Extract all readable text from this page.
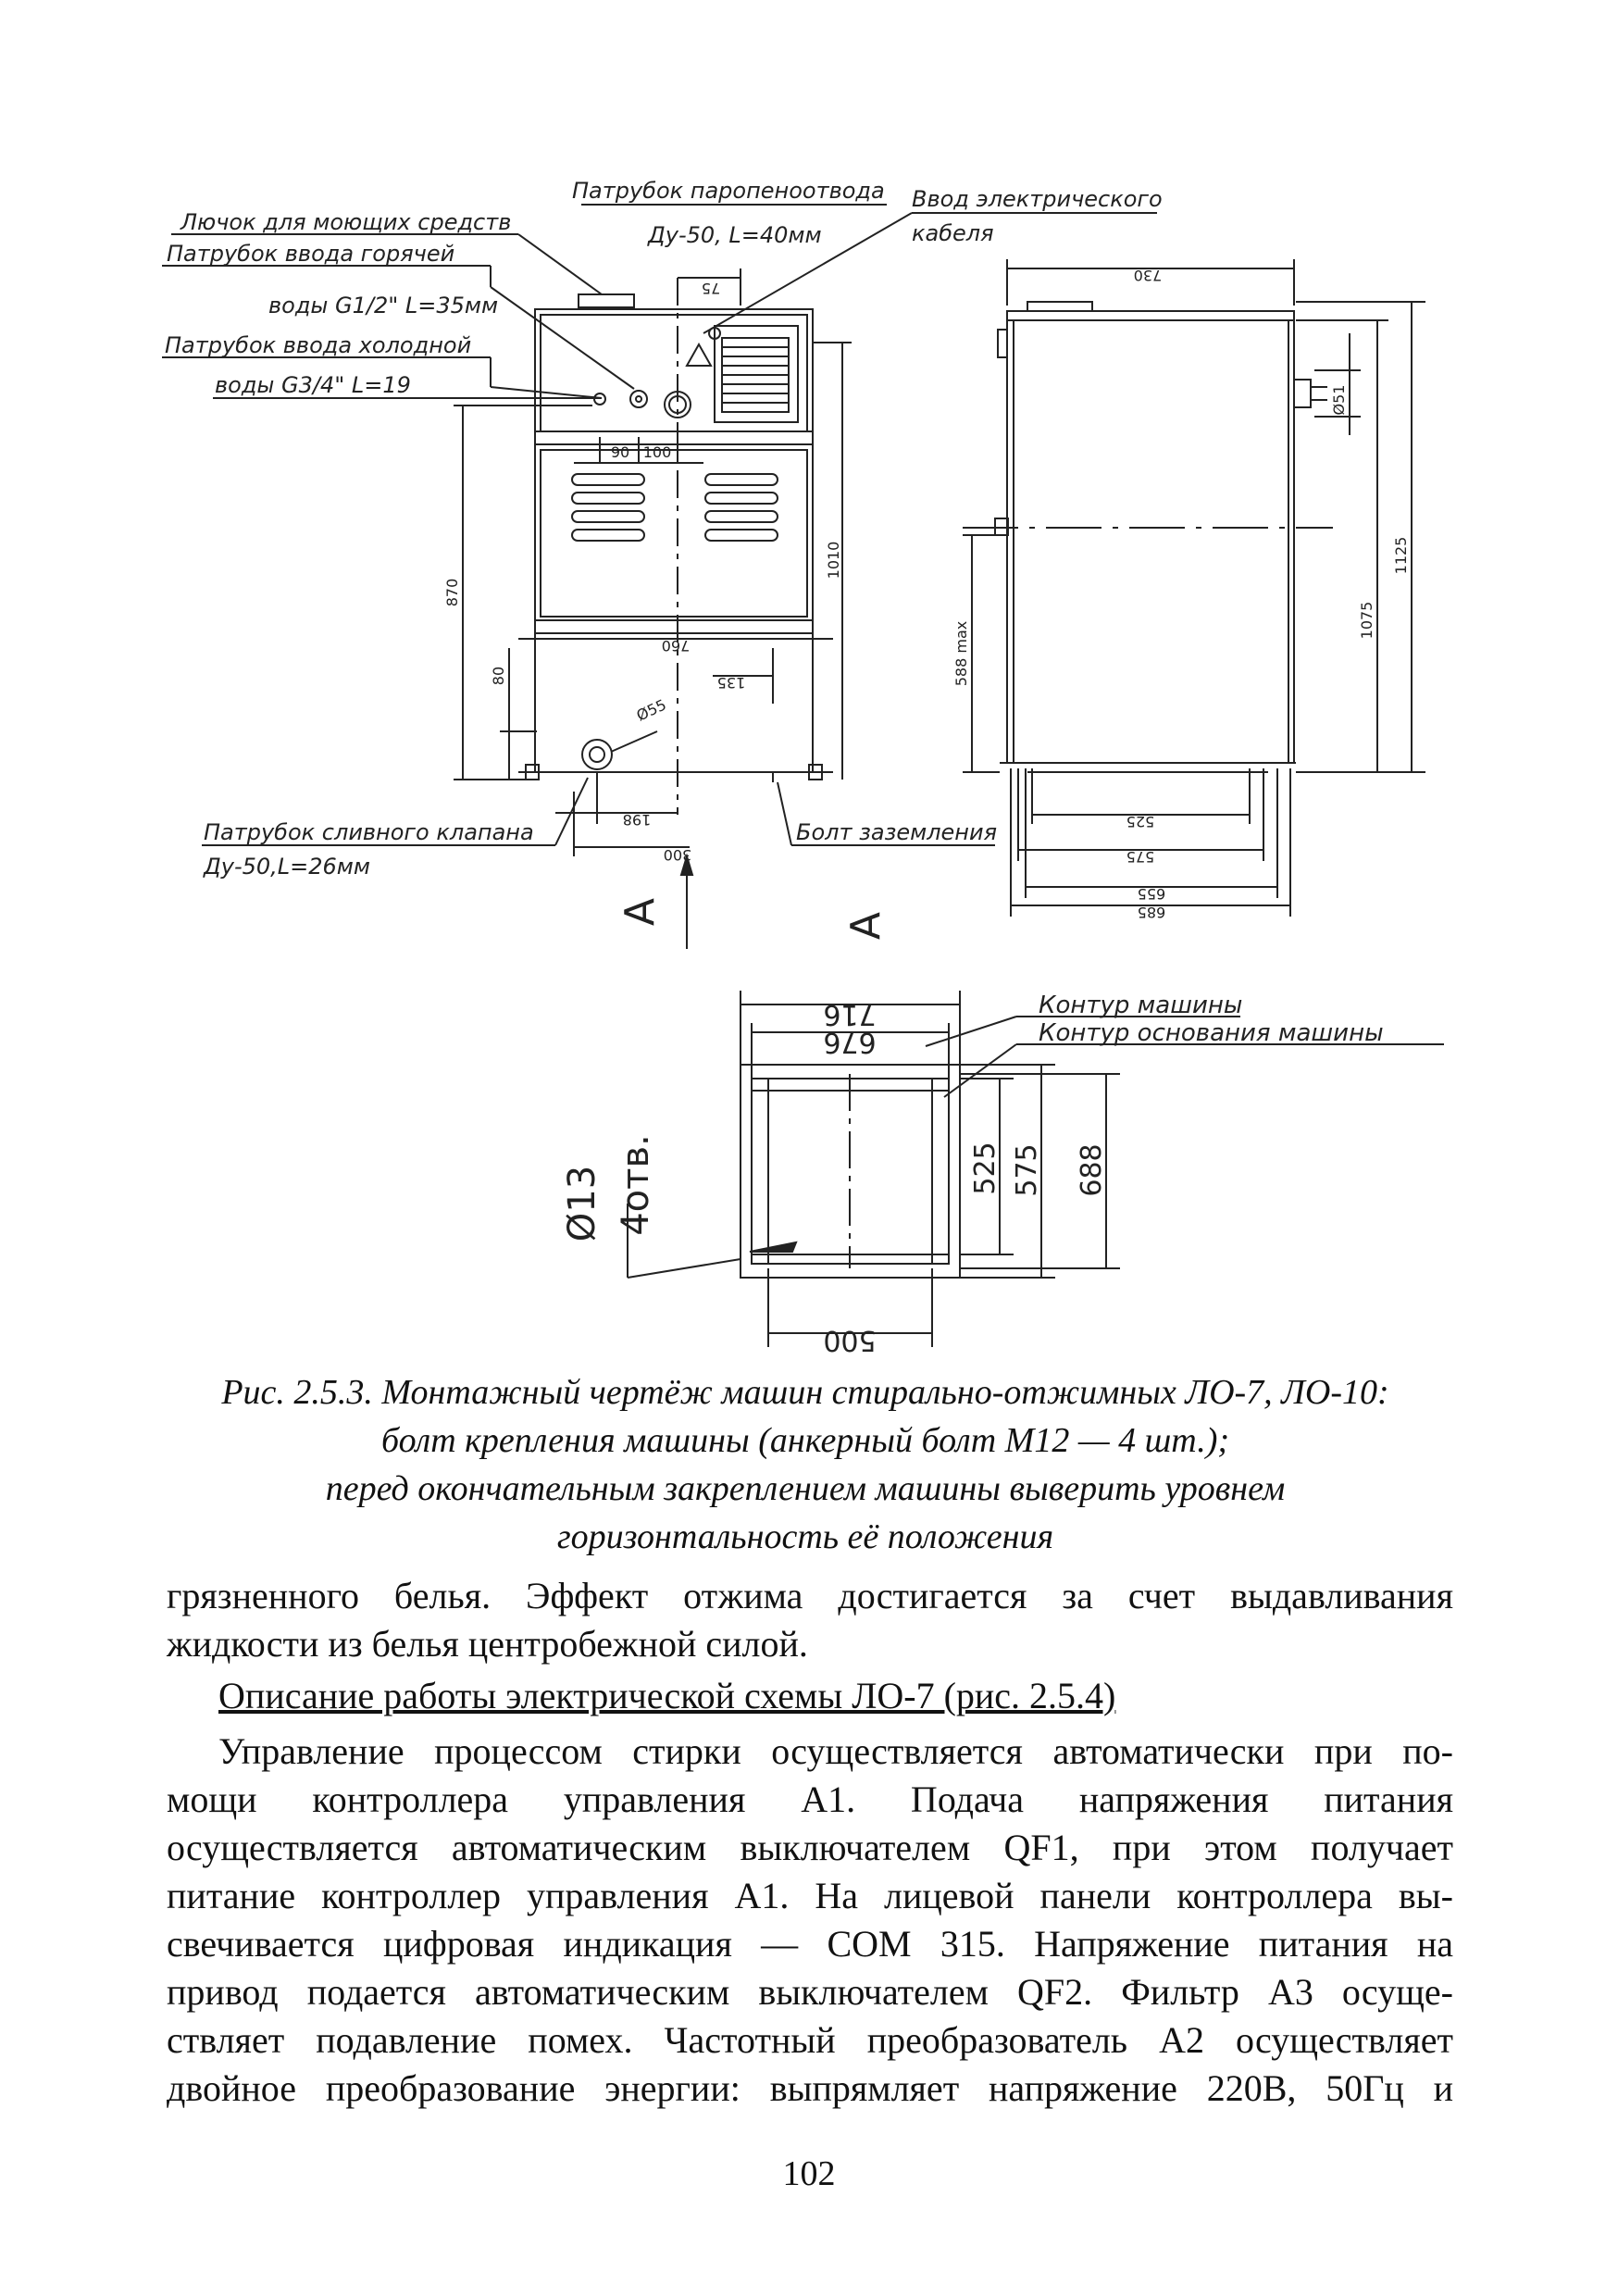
Лючок для моющих средств
Патрубок ввода горячей
воды G1/2" L=35мм
Патрубок ввода холодной
воды G3/4" L=19
Патрубок паропеноотвода
Ду-50, L=40мм
Ввод электрического
кабеля
Патрубок сливного клапана
Ду-50,L=26мм
Болт заземления
75
90 100
870
1010
760
80	135
Ø55
198
300
A	A
730
Ø51
1125
1075
588 max
525
575
655
685
716
676
525 575 688
500
Контур машины
Контур основания машины
Ø13 4отв.
Рис. 2.5.3. Монтажный чертёж машин стирально-отжимных ЛО-7, ЛО-10:
болт крепления машины (анкерный болт М12 — 4 шт.);
перед окончательным закреплением машины выверить уровнем
горизонтальность её положения
грязненного белья. Эффект отжима достигается за счет выдавливания
жидкости из белья центробежной силой.
Описание работы электрической схемы ЛО-7 (рис. 2.5.4)
Управление процессом стирки осуществляется автоматически при по-
мощи контроллера управления А1. Подача напряжения питания
осуществляется автоматическим выключателем QF1, при этом получает
питание контроллер управления А1. На лицевой панели контроллера вы-
свечивается цифровая индикация — СОМ 315. Напряжение питания на
привод подается автоматическим выключателем QF2. Фильтр А3 осуще-
ствляет подавление помех. Частотный преобразователь А2 осуществляет
двойное преобразование энергии: выпрямляет напряжение 220В, 50Гц и
102
